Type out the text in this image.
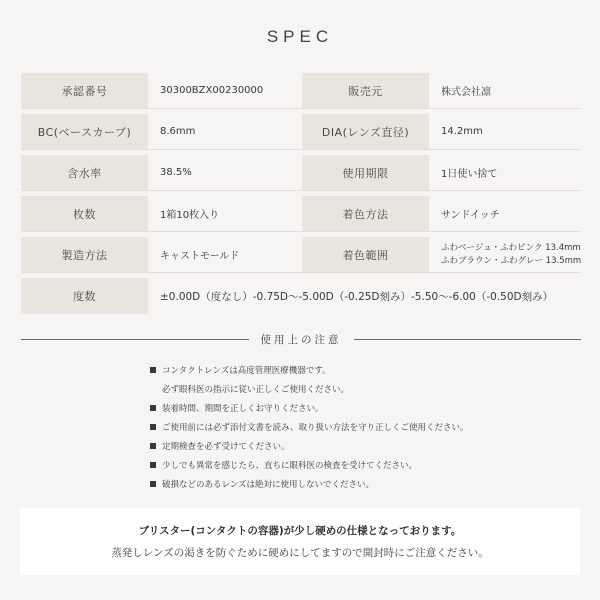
SPEC
承認番号	30300BZX00230000	販売元	株式会社凛
BC(ベースカーブ)	8.6mm	DIA(レンズ直径)	14.2mm
含水率	38.5%	使用期限	1日使い捨て
枚数	1箱10枚入り	着色方法	サンドイッチ
製造方法	キャストモールド	着色範囲
ふわベージュ・ふわピンク 13.4mm
ふわブラウン・ふわグレー 13.5mm
度数	±0.00D（度なし）-0.75D〜-5.00D（-0.25D刻み）-5.50〜-6.00（-0.50D刻み）
使用上の注意
コンタクトレンズは高度管理医療機器です。
必ず眼科医の指示に従い正しくご使用ください。
装着時間、期間を正しくお守りください。
ご使用前には必ず添付文書を読み、取り扱い方法を守り正しくご使用ください。
定期検査を必ず受けてください。
少しでも異常を感じたら、直ちに眼科医の検査を受けてください。
破損などのあるレンズは絶対に使用しないでください。
ブリスター(コンタクトの容器)が少し硬めの仕様となっております。
蒸発しレンズの渇きを防ぐために硬めにしてますので開封時にご注意ください。
